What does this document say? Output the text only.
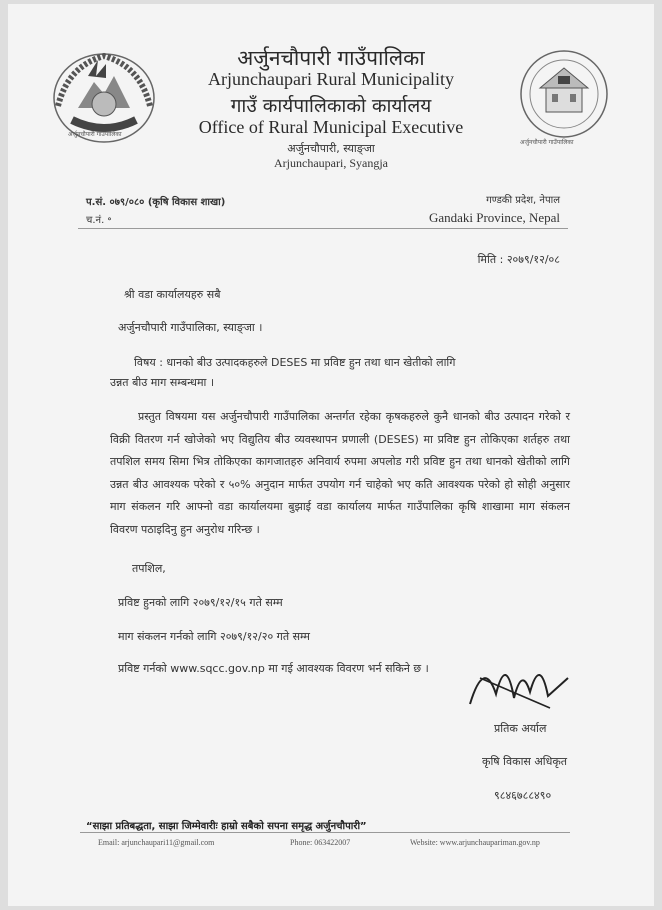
अर्जुनचौपारी गाउँपालिका
अर्जुनचौपारी गाउँपालिका
अर्जुनचौपारी गाउँपालिका
Arjunchaupari Rural Municipality
गाउँ कार्यपालिकाको कार्यालय
Office of Rural Municipal Executive
अर्जुनचौपारी, स्याङ्जा
Arjunchaupari, Syangja
प.सं. ०७९/०८० (कृषि विकास शाखा)
च.नं. ॰
गण्डकी प्रदेश, नेपाल
Gandaki Province, Nepal
मिति : २०७९/१२/०८
श्री वडा कार्यालयहरु सबै
अर्जुनचौपारी गाउँपालिका, स्याङ्जा ।
विषय : धानको बीउ उत्पादकहरुले DESES मा प्रविष्ट हुन तथा धान खेतीको लागि
उन्नत बीउ माग सम्बन्धमा ।
प्रस्तुत विषयमा यस अर्जुनचौपारी गाउँपालिका अन्तर्गत रहेका कृषकहरुले कुनै धानको बीउ उत्पादन गरेको र विक्री वितरण गर्न खोजेको भए विद्युतिय बीउ व्यवस्थापन प्रणाली (DESES) मा प्रविष्ट हुन तोकिएका शर्तहरु तथा तपशिल समय सिमा भित्र तोकिएका कागजातहरु अनिवार्य रुपमा अपलोड गरी प्रविष्ट हुन तथा धानको खेतीको लागि उन्नत बीउ आवश्यक परेको र ५०% अनुदान मार्फत उपयोग गर्न चाहेको भए कति आवश्यक परेको हो सोही अनुसार माग संकलन गरि आफ्नो वडा कार्यालयमा बुझाई वडा कार्यालय मार्फत गाउँपालिका कृषि शाखामा माग संकलन विवरण पठाइदिनु हुन अनुरोध गरिन्छ ।
तपशिल,
प्रविष्ट हुनको लागि २०७९/१२/१५ गते सम्म
माग संकलन गर्नको लागि २०७९/१२/२० गते सम्म
प्रविष्ट गर्नको www.sqcc.gov.np मा गई आवश्यक विवरण भर्न सकिने छ ।
प्रतिक अर्याल
कृषि विकास अधिकृत
९८४६७८८४९०
“साझा प्रतिबद्धता, साझा जिम्मेवारीः हाम्रो सबैको सपना समृद्ध अर्जुनचौपारी”
Email: arjunchaupari11@gmail.com	Phone: 063422007	Website: www.arjunchaupariman.gov.np
